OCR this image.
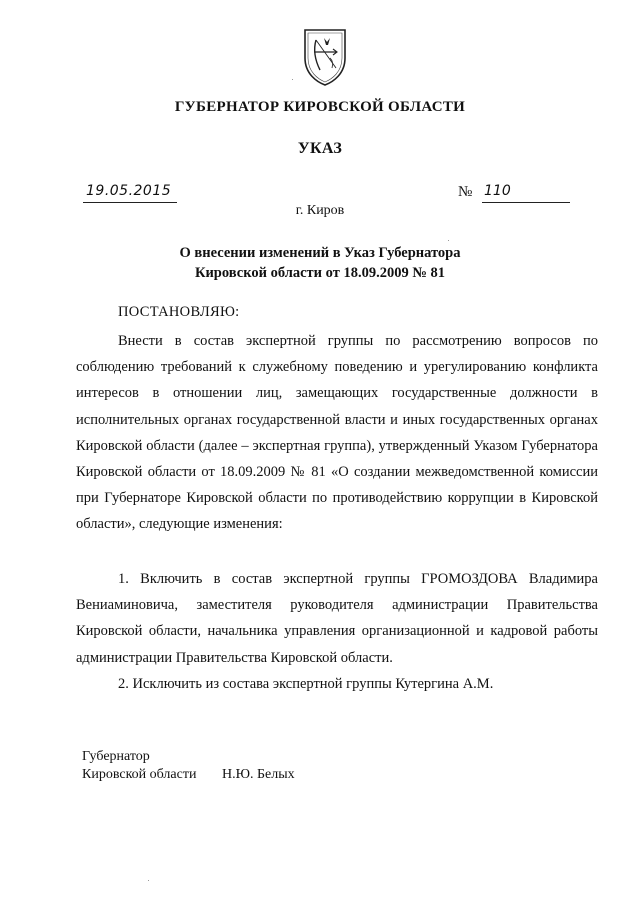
ГУБЕРНАТОР КИРОВСКОЙ ОБЛАСТИ
УКАЗ
19.05.2015	№ 110
г. Киров
О внесении изменений в Указ Губернатора
Кировской области от 18.09.2009 № 81
ПОСТАНОВЛЯЮ:
Внести в состав экспертной группы по рассмотрению вопросов по соблюдению требований к служебному поведению и урегулированию конфликта интересов в отношении лиц, замещающих государственные должности в исполнительных органах государственной власти и иных государственных органах Кировской области (далее – экспертная группа), утвержденный Указом Губернатора Кировской области от 18.09.2009 № 81 «О создании межведомственной комиссии при Губернаторе Кировской области по противодействию коррупции в Кировской области», следующие изменения:
1. Включить в состав экспертной группы ГРОМОЗДОВА Владимира Вениаминовича, заместителя руководителя администрации Правительства Кировской области, начальника управления организационной и кадровой работы администрации Правительства Кировской области.
2. Исключить из состава экспертной группы Кутергина А.М.
Губернатор
Кировской области Н.Ю. Белых
